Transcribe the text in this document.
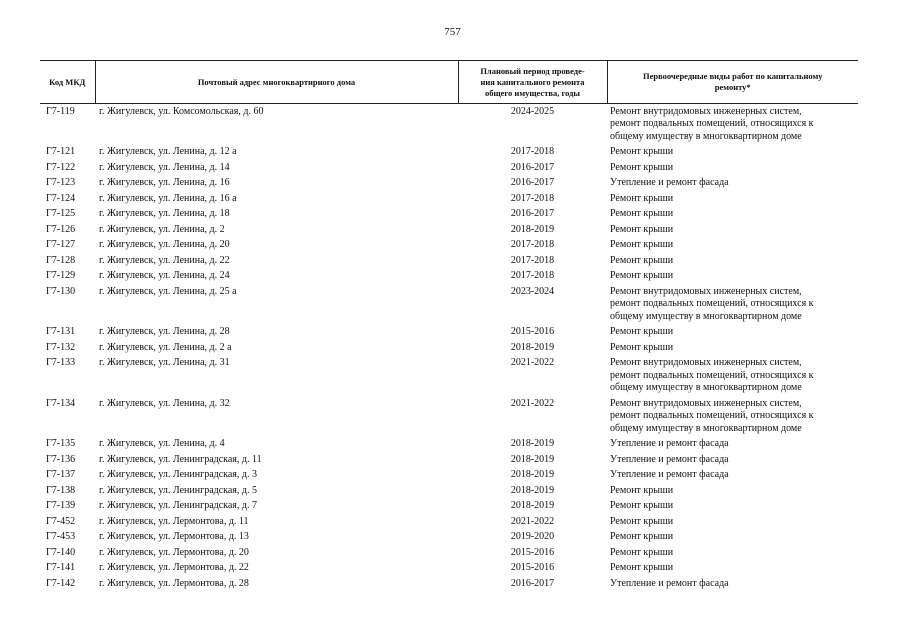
757
Код МКД	Почтовый адрес многоквартирного дома	Плановый период проведе-
ния капитального ремонта
общего имущества, годы	Первоочередные виды работ по капитальному
ремонту*

Г7-119	г. Жигулевск, ул. Комсомольская, д. 60	2024-2025	Ремонт внутридомовых инженерных систем,
ремонт подвальных помещений, относящихся к
общему имуществу в многоквартирном доме

Г7-121	г. Жигулевск, ул. Ленина, д. 12 а	2017-2018	Ремонт крыши

Г7-122	г. Жигулевск, ул. Ленина, д. 14	2016-2017	Ремонт крыши

Г7-123	г. Жигулевск, ул. Ленина, д. 16	2016-2017	Утепление и ремонт фасада

Г7-124	г. Жигулевск, ул. Ленина, д. 16 а	2017-2018	Ремонт крыши

Г7-125	г. Жигулевск, ул. Ленина, д. 18	2016-2017	Ремонт крыши

Г7-126	г. Жигулевск, ул. Ленина, д. 2	2018-2019	Ремонт крыши

Г7-127	г. Жигулевск, ул. Ленина, д. 20	2017-2018	Ремонт крыши

Г7-128	г. Жигулевск, ул. Ленина, д. 22	2017-2018	Ремонт крыши

Г7-129	г. Жигулевск, ул. Ленина, д. 24	2017-2018	Ремонт крыши

Г7-130	г. Жигулевск, ул. Ленина, д. 25 а	2023-2024	Ремонт внутридомовых инженерных систем,
ремонт подвальных помещений, относящихся к
общему имуществу в многоквартирном доме

Г7-131	г. Жигулевск, ул. Ленина, д. 28	2015-2016	Ремонт крыши

Г7-132	г. Жигулевск, ул. Ленина, д. 2 а	2018-2019	Ремонт крыши

Г7-133	г. Жигулевск, ул. Ленина, д. 31	2021-2022	Ремонт внутридомовых инженерных систем,
ремонт подвальных помещений, относящихся к
общему имуществу в многоквартирном доме

Г7-134	г. Жигулевск, ул. Ленина, д. 32	2021-2022	Ремонт внутридомовых инженерных систем,
ремонт подвальных помещений, относящихся к
общему имуществу в многоквартирном доме

Г7-135	г. Жигулевск, ул. Ленина, д. 4	2018-2019	Утепление и ремонт фасада

Г7-136	г. Жигулевск, ул. Ленинградская, д. 11	2018-2019	Утепление и ремонт фасада

Г7-137	г. Жигулевск, ул. Ленинградская, д. 3	2018-2019	Утепление и ремонт фасада

Г7-138	г. Жигулевск, ул. Ленинградская, д. 5	2018-2019	Ремонт крыши

Г7-139	г. Жигулевск, ул. Ленинградская, д. 7	2018-2019	Ремонт крыши

Г7-452	г. Жигулевск, ул. Лермонтова, д. 11	2021-2022	Ремонт крыши

Г7-453	г. Жигулевск, ул. Лермонтова, д. 13	2019-2020	Ремонт крыши

Г7-140	г. Жигулевск, ул. Лермонтова, д. 20	2015-2016	Ремонт крыши

Г7-141	г. Жигулевск, ул. Лермонтова, д. 22	2015-2016	Ремонт крыши

Г7-142	г. Жигулевск, ул. Лермонтова, д. 28	2016-2017	Утепление и ремонт фасада
